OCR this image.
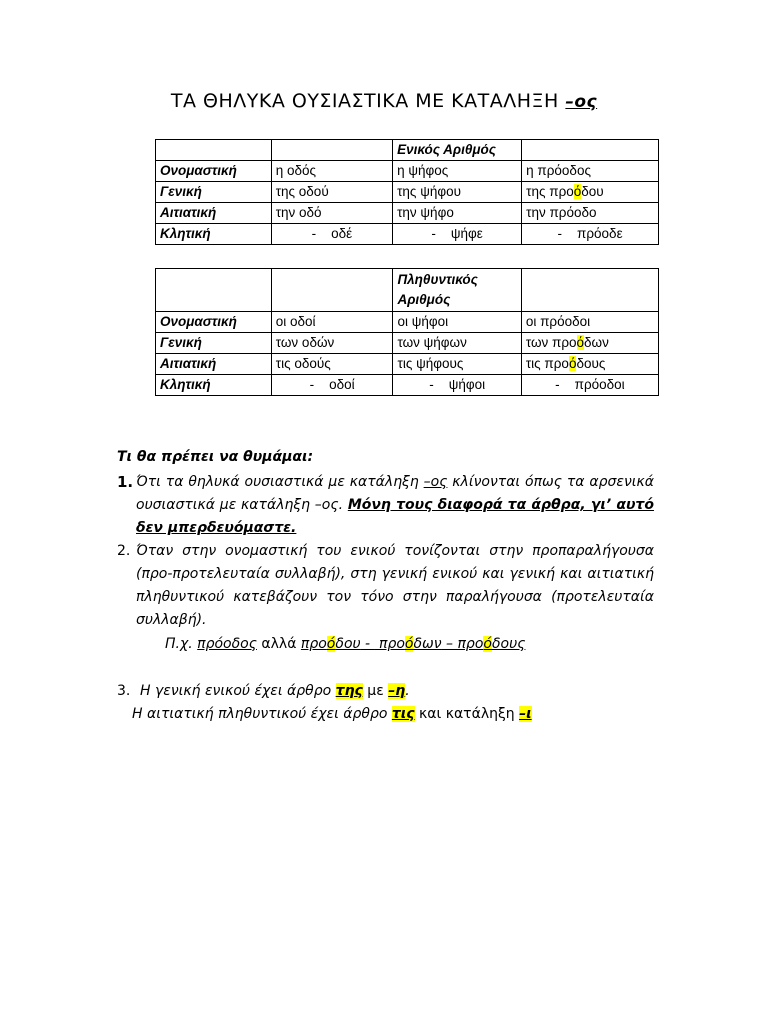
ΤΑ ΘΗΛΥΚΑ ΟΥΣΙΑΣΤΙΚΑ ΜΕ ΚΑΤΑΛΗΞΗ –ος
		Ενικός Αριθμός	
Ονομαστική	η οδός	η ψήφος	η πρόοδος
Γενική	της οδού	της ψήφου	της προόδου
Αιτιατική	την οδό	την ψήφο	την πρόοδο
Κλητική	-    οδέ	-    ψήφε	-    πρόοδε
		Πληθυντικός Αριθμός	
Ονομαστική	οι οδοί	οι ψήφοι	οι πρόοδοι
Γενική	των οδών	των ψήφων	των προόδων
Αιτιατική	τις οδούς	τις ψήφους	τις προόδους
Κλητική	-    οδοί	-    ψήφοι	-    πρόοδοι
Τι θα πρέπει να θυμάμαι:
1. Ότι τα θηλυκά ουσιαστικά με κατάληξη –ος κλίνονται όπως τα αρσενικά ουσιαστικά με κατάληξη –ος. Μόνη τους διαφορά τα άρθρα, γι’ αυτό δεν μπερδευόμαστε.
2. Όταν στην ονομαστική του ενικού τονίζονται στην προπαραλήγουσα (προ-προτελευταία συλλαβή), στη γενική ενικού και γενική και αιτιατική πληθυντικού κατεβάζουν τον τόνο στην παραλήγουσα (προτελευταία συλλαβή).
Π.χ. πρόοδος αλλά προόδου -  προόδων – προόδους
3. Η γενική ενικού έχει άρθρο της με –η.
Η αιτιατική πληθυντικού έχει άρθρο τις και κατάληξη –ι
